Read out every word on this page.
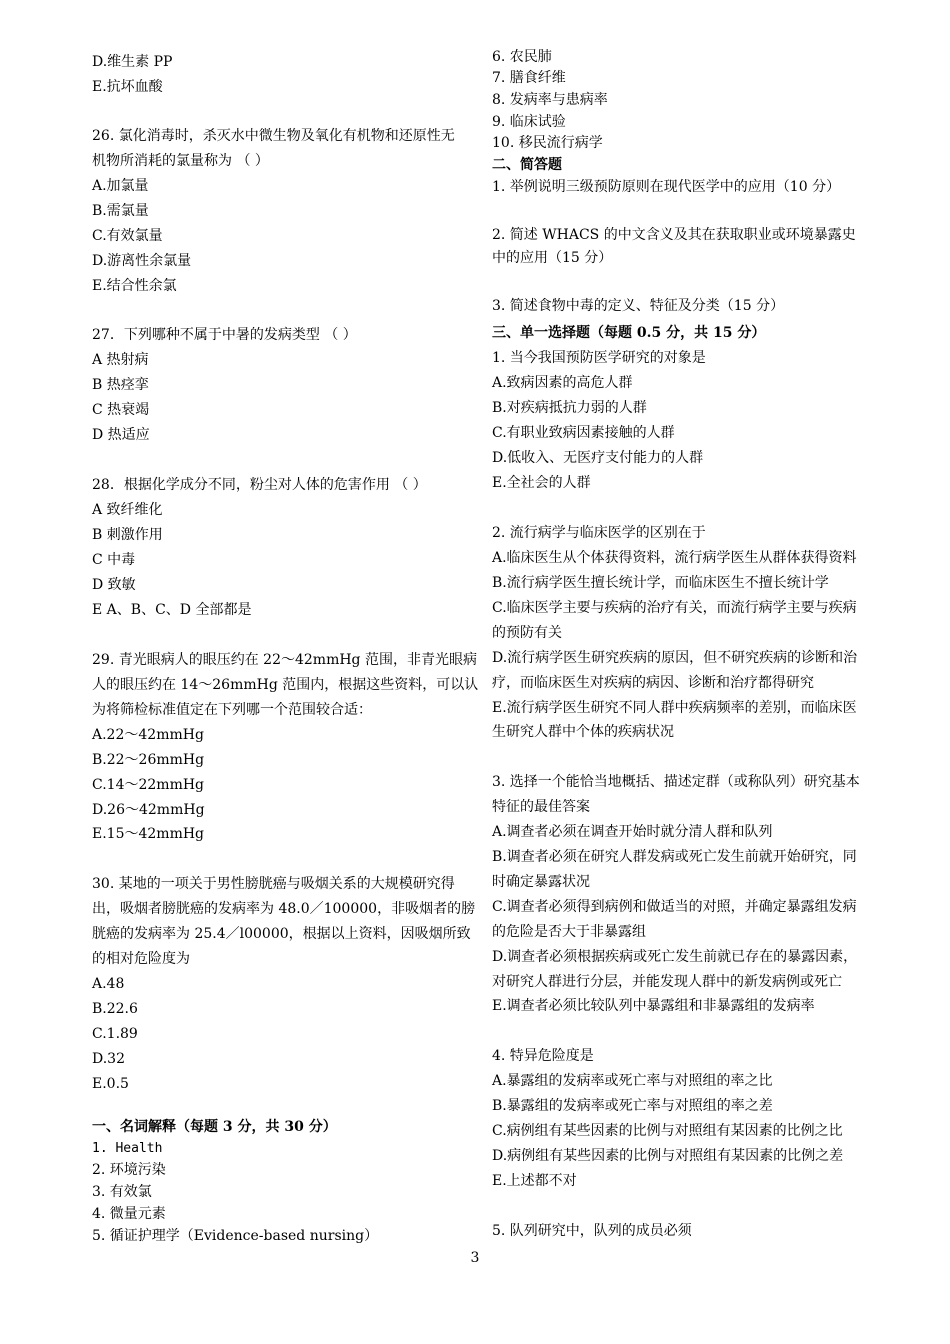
D.维生素 PP
E.抗坏血酸
26. 氯化消毒时，杀灭水中微生物及氧化有机物和还原性无
机物所消耗的氯量称为 （ ）
A.加氯量
B.需氯量
C.有效氯量
D.游离性余氯量
E.结合性余氯
27．下列哪种不属于中暑的发病类型 （ ）
A 热射病
B 热痉挛
C 热衰竭
D 热适应
28．根据化学成分不同，粉尘对人体的危害作用 （ ）
A 致纤维化
B 刺激作用
C 中毒
D 致敏
E A、B、C、D 全部都是
29. 青光眼病人的眼压约在 22～42mmHg 范围，非青光眼病
人的眼压约在 14～26mmHg 范围内，根据这些资料，可以认
为将筛检标准值定在下列哪一个范围较合适：
A.22～42mmHg
B.22～26mmHg
C.14～22mmHg
D.26～42mmHg
E.15～42mmHg
30. 某地的一项关于男性膀胱癌与吸烟关系的大规模研究得
出，吸烟者膀胱癌的发病率为 48.0／100000，非吸烟者的膀
胱癌的发病率为 25.4／l00000，根据以上资料，因吸烟所致
的相对危险度为
A.48
B.22.6
C.1.89
D.32
E.0.5
一、名词解释（每题 3 分，共 30 分）
1. Health
2. 环境污染
3. 有效氯
4. 微量元素
5. 循证护理学（Evidence-based nursing）
6. 农民肺
7. 膳食纤维
8. 发病率与患病率
9. 临床试验
10. 移民流行病学
二、简答题
1. 举例说明三级预防原则在现代医学中的应用（10 分）
2. 简述 WHACS 的中文含义及其在获取职业或环境暴露史
中的应用（15 分）
3. 简述食物中毒的定义、特征及分类（15 分）
三、单一选择题（每题 0.5 分，共 15 分）
1. 当今我国预防医学研究的对象是
A.致病因素的高危人群
B.对疾病抵抗力弱的人群
C.有职业致病因素接触的人群
D.低收入、无医疗支付能力的人群
E.全社会的人群
2. 流行病学与临床医学的区别在于
A.临床医生从个体获得资料，流行病学医生从群体获得资料
B.流行病学医生擅长统计学，而临床医生不擅长统计学
C.临床医学主要与疾病的治疗有关，而流行病学主要与疾病
的预防有关
D.流行病学医生研究疾病的原因，但不研究疾病的诊断和治
疗，而临床医生对疾病的病因、诊断和治疗都得研究
E.流行病学医生研究不同人群中疾病频率的差别，而临床医
生研究人群中个体的疾病状况
3. 选择一个能恰当地概括、描述定群（或称队列）研究基本
特征的最佳答案
A.调查者必须在调查开始时就分清人群和队列
B.调查者必须在研究人群发病或死亡发生前就开始研究，同
时确定暴露状况
C.调查者必须得到病例和做适当的对照，并确定暴露组发病
的危险是否大于非暴露组
D.调查者必须根据疾病或死亡发生前就已存在的暴露因素，
对研究人群进行分层，并能发现人群中的新发病例或死亡
E.调查者必须比较队列中暴露组和非暴露组的发病率
4. 特异危险度是
A.暴露组的发病率或死亡率与对照组的率之比
B.暴露组的发病率或死亡率与对照组的率之差
C.病例组有某些因素的比例与对照组有某因素的比例之比
D.病例组有某些因素的比例与对照组有某因素的比例之差
E.上述都不对
5. 队列研究中，队列的成员必须
3
